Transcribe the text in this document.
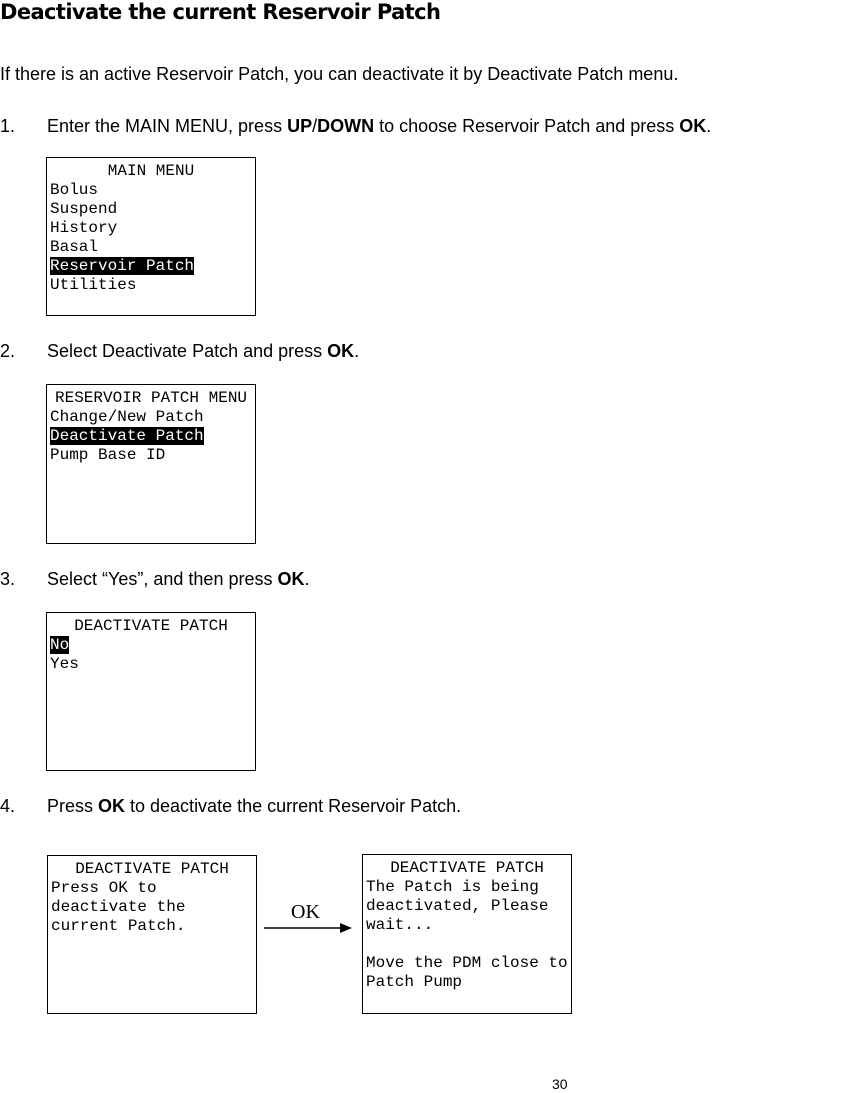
Deactivate the current Reservoir Patch
If there is an active Reservoir Patch, you can deactivate it by Deactivate Patch menu.
1. Enter the MAIN MENU, press UP/DOWN to choose Reservoir Patch and press OK.
MAIN MENU
Bolus
Suspend
History
Basal
Reservoir Patch
Utilities
2. Select Deactivate Patch and press OK.
RESERVOIR PATCH MENU
Change/New Patch
Deactivate Patch
Pump Base ID
3. Select “Yes”, and then press OK.
DEACTIVATE PATCH
No
Yes
4. Press OK to deactivate the current Reservoir Patch.
DEACTIVATE PATCH
Press OK to
deactivate the
current Patch.
OK
DEACTIVATE PATCH
The Patch is being
deactivated, Please
wait...

Move the PDM close to
Patch Pump
30
